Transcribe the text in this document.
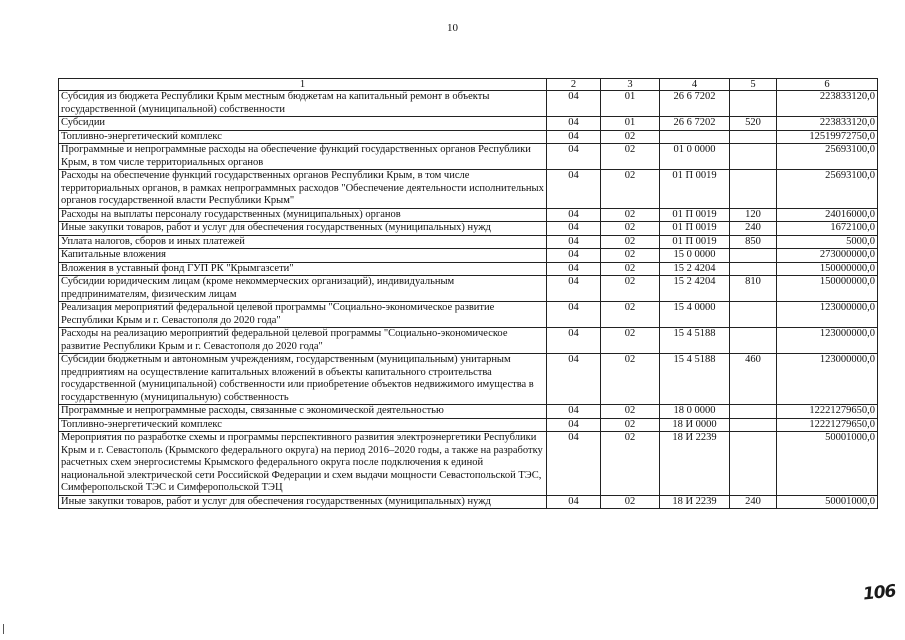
10
1	2	3	4	5	6
Субсидия из бюджета Республики Крым местным бюджетам на капитальный ремонт в объекты государственной (муниципальной) собственности	04	01	26 6 7202		223833120,0
Субсидии	04	01	26 6 7202	520	223833120,0
Топливно-энергетический комплекс	04	02			12519972750,0
Программные и непрограммные расходы на обеспечение функций государственных органов Республики Крым, в том числе территориальных органов	04	02	01 0 0000		25693100,0
Расходы на обеспечение функций государственных органов Республики Крым, в том числе территориальных органов, в рамках непрограммных расходов "Обеспечение деятельности исполнительных органов государственной власти Республики Крым"	04	02	01 П 0019		25693100,0
Расходы на выплаты персоналу государственных (муниципальных) органов	04	02	01 П 0019	120	24016000,0
Иные закупки товаров, работ и услуг для обеспечения государственных (муниципальных) нужд	04	02	01 П 0019	240	1672100,0
Уплата налогов, сборов и иных платежей	04	02	01 П 0019	850	5000,0
Капитальные вложения	04	02	15 0 0000		273000000,0
Вложения в уставный фонд ГУП РК "Крымгазсети"	04	02	15 2 4204		150000000,0
Субсидии юридическим лицам (кроме некоммерческих организаций), индивидуальным предпринимателям, физическим лицам	04	02	15 2 4204	810	150000000,0
Реализация мероприятий федеральной целевой программы "Социально-экономическое развитие Республики Крым и г. Севастополя до 2020 года"	04	02	15 4 0000		123000000,0
Расходы на реализацию мероприятий федеральной целевой программы "Социально-экономическое развитие Республики Крым и г. Севастополя до 2020 года"	04	02	15 4 5188		123000000,0
Субсидии бюджетным и автономным учреждениям, государственным (муниципальным) унитарным предприятиям на осуществление капитальных вложений в объекты капитального строительства государственной (муниципальной) собственности или приобретение объектов недвижимого имущества в государственную (муниципальную) собственность	04	02	15 4 5188	460	123000000,0
Программные и непрограммные расходы, связанные с экономической деятельностью	04	02	18 0 0000		12221279650,0
Топливно-энергетический комплекс	04	02	18 И 0000		12221279650,0
Мероприятия по разработке схемы и программы перспективного развития электроэнергетики Республики Крым и г. Севастополь (Крымского федерального округа) на период 2016–2020 годы, а также на разработку расчетных схем энергосистемы Крымского федерального округа после подключения к единой национальной электрической сети Российской Федерации и схем выдачи мощности Севастопольской ТЭС, Симферопольской ТЭС и Симферопольской ТЭЦ	04	02	18 И 2239		50001000,0
Иные закупки товаров, работ и услуг для обеспечения государственных (муниципальных) нужд	04	02	18 И 2239	240	50001000,0
106
